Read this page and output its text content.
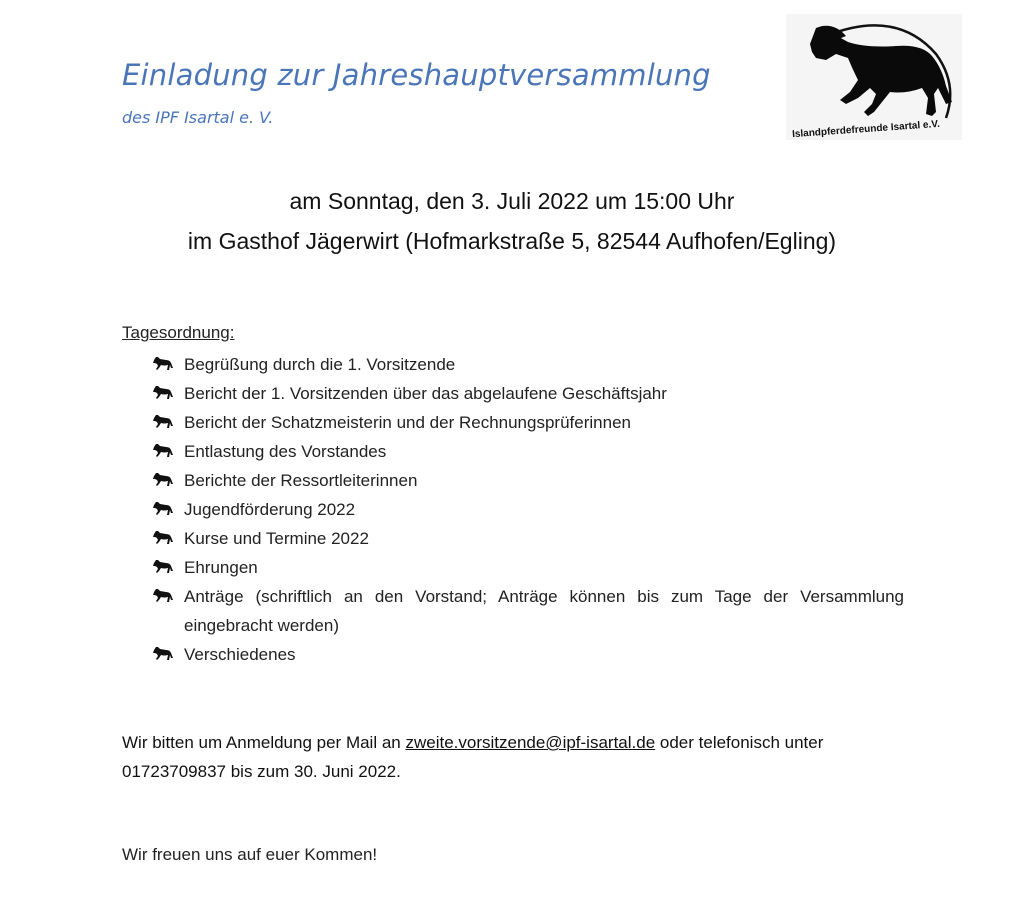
Einladung zur Jahreshauptversammlung
des IPF Isartal e. V.
Islandpferdefreunde Isartal e.V.
am Sonntag, den 3. Juli 2022 um 15:00 Uhr
im Gasthof Jägerwirt (Hofmarkstraße 5, 82544 Aufhofen/Egling)
Tagesordnung:
Begrüßung durch die 1. Vorsitzende
Bericht der 1. Vorsitzenden über das abgelaufene Geschäftsjahr
Bericht der Schatzmeisterin und der Rechnungsprüferinnen
Entlastung des Vorstandes
Berichte der Ressortleiterinnen
Jugendförderung 2022
Kurse und Termine 2022
Ehrungen
Anträge (schriftlich an den Vorstand; Anträge können bis zum Tage der Versammlung eingebracht werden)
Verschiedenes
Wir bitten um Anmeldung per Mail an zweite.vorsitzende@ipf-isartal.de oder telefonisch unter 01723709837 bis zum 30. Juni 2022.
Wir freuen uns auf euer Kommen!
